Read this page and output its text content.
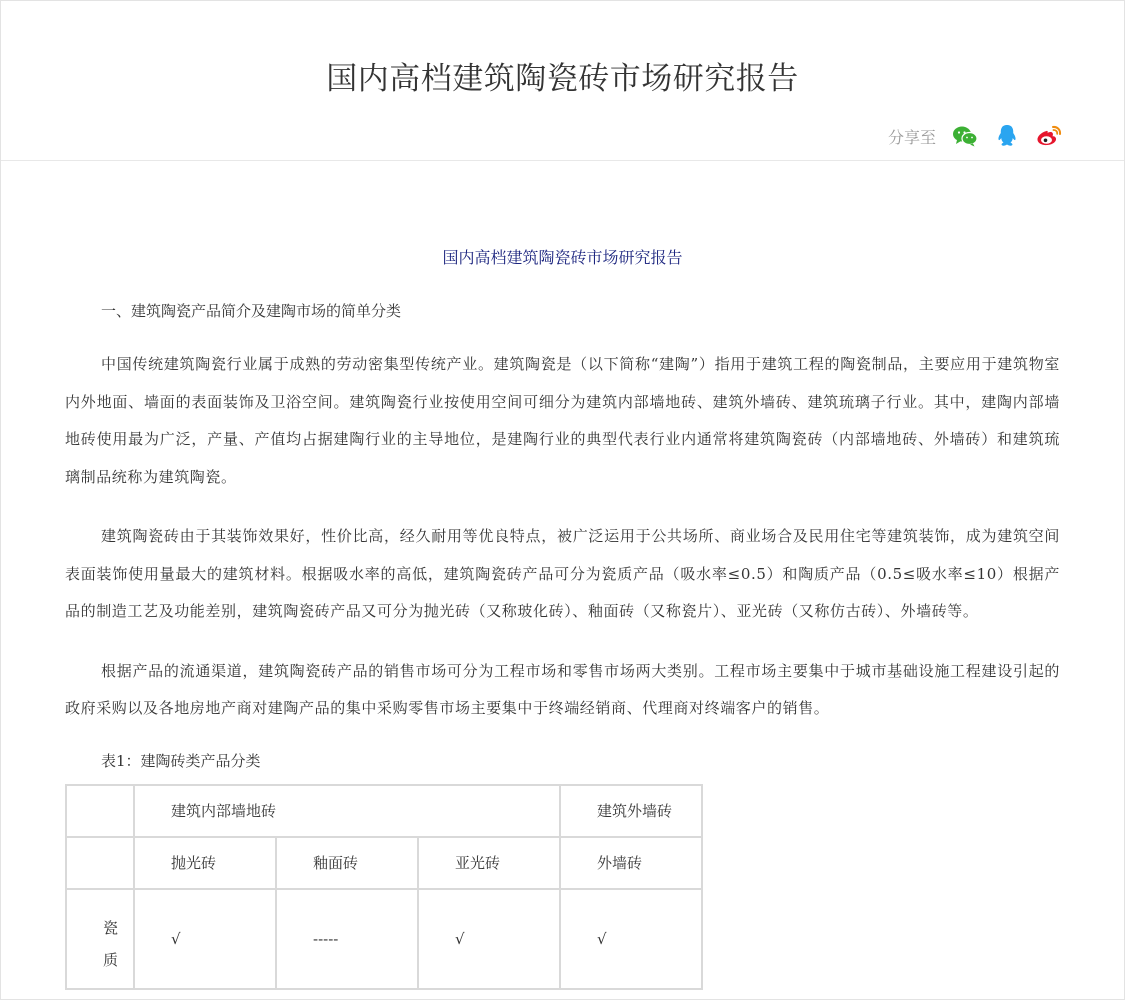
国内高档建筑陶瓷砖市场研究报告
分享至
国内高档建筑陶瓷砖市场研究报告
一、建筑陶瓷产品简介及建陶市场的简单分类

中国传统建筑陶瓷行业属于成熟的劳动密集型传统产业。建筑陶瓷是（以下简称“建陶”）指用于建筑工程的陶瓷制品，主要应用于建筑物室内外地面、墙面的表面装饰及卫浴空间。建筑陶瓷行业按使用空间可细分为建筑内部墙地砖、建筑外墙砖、建筑琉璃子行业。其中，建陶内部墙地砖使用最为广泛，产量、产值均占据建陶行业的主导地位，是建陶行业的典型代表行业内通常将建筑陶瓷砖（内部墙地砖、外墙砖）和建筑琉璃制品统称为建筑陶瓷。

建筑陶瓷砖由于其装饰效果好，性价比高，经久耐用等优良特点，被广泛运用于公共场所、商业场合及民用住宅等建筑装饰，成为建筑空间表面装饰使用量最大的建筑材料。根据吸水率的高低，建筑陶瓷砖产品可分为瓷质产品（吸水率≤0.5）和陶质产品（0.5≤吸水率≤10）根据产品的制造工艺及功能差别，建筑陶瓷砖产品又可分为抛光砖（又称玻化砖）、釉面砖（又称瓷片）、亚光砖（又称仿古砖）、外墙砖等。

根据产品的流通渠道，建筑陶瓷砖产品的销售市场可分为工程市场和零售市场两大类别。工程市场主要集中于城市基础设施工程建设引起的政府采购以及各地房地产商对建陶产品的集中采购零售市场主要集中于终端经销商、代理商对终端客户的销售。

表1：建陶砖类产品分类
	建筑内部墙地砖			建筑外墙砖
	抛光砖	釉面砖	亚光砖	外墙砖

瓷
质	√	-----	√	√
